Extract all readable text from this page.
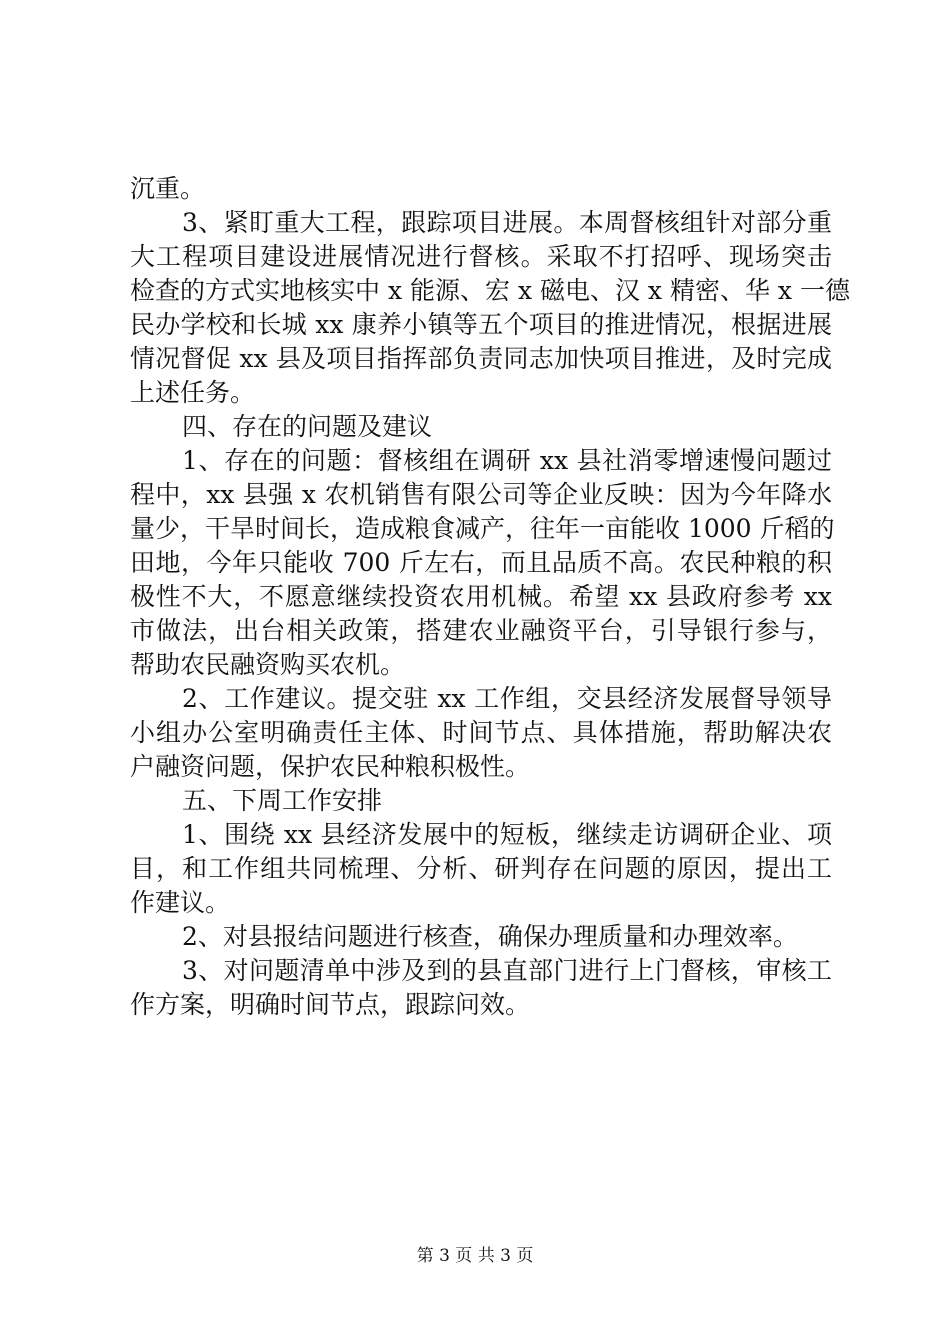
沉重。
3、紧盯重大工程，跟踪项目进展。本周督核组针对部分重
大工程项目建设进展情况进行督核。采取不打招呼、现场突击
检查的方式实地核实中 x 能源、宏 x 磁电、汉 x 精密、华 x 一德
民办学校和长城 xx 康养小镇等五个项目的推进情况，根据进展
情况督促 xx 县及项目指挥部负责同志加快项目推进，及时完成
上述任务。
四、存在的问题及建议
1、存在的问题：督核组在调研 xx 县社消零增速慢问题过
程中，xx 县强 x 农机销售有限公司等企业反映：因为今年降水
量少，干旱时间长，造成粮食减产，往年一亩能收 1000 斤稻的
田地，今年只能收 700 斤左右，而且品质不高。农民种粮的积
极性不大，不愿意继续投资农用机械。希望 xx 县政府参考 xx
市做法，出台相关政策，搭建农业融资平台，引导银行参与，
帮助农民融资购买农机。
2、工作建议。提交驻 xx 工作组，交县经济发展督导领导
小组办公室明确责任主体、时间节点、具体措施，帮助解决农
户融资问题，保护农民种粮积极性。
五、下周工作安排
1、围绕 xx 县经济发展中的短板，继续走访调研企业、项
目，和工作组共同梳理、分析、研判存在问题的原因，提出工
作建议。
2、对县报结问题进行核查，确保办理质量和办理效率。
3、对问题清单中涉及到的县直部门进行上门督核，审核工
作方案，明确时间节点，跟踪问效。
第 3 页 共 3 页
